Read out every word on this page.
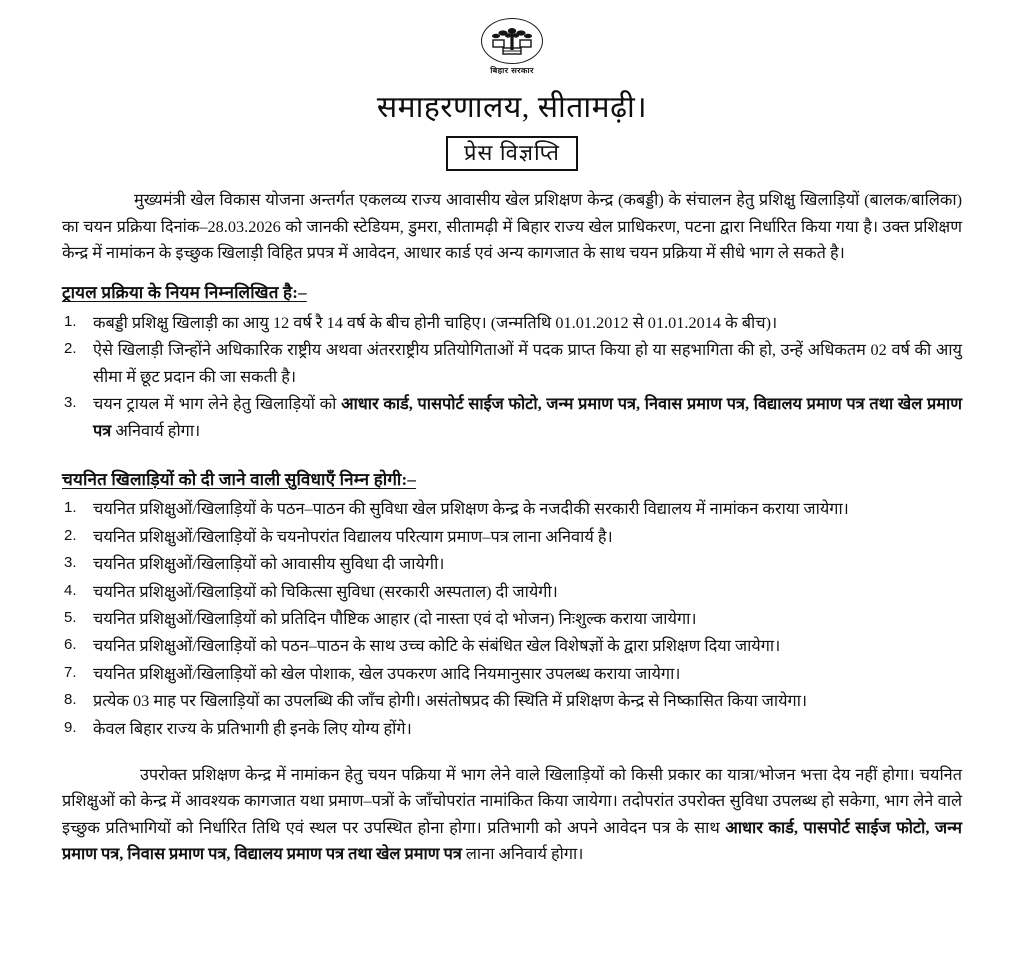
बिहार सरकार
समाहरणालय, सीतामढ़ी।
प्रेस विज्ञप्ति

मुख्यमंत्री खेल विकास योजना अन्तर्गत एकलव्य राज्य आवासीय खेल प्रशिक्षण केन्द्र (कबड्डी) के संचालन हेतु प्रशिक्षु खिलाड़ियों (बालक/बालिका) का चयन प्रक्रिया दिनांक–28.03.2026 को जानकी स्टेडियम, डुमरा, सीतामढ़ी में बिहार राज्य खेल प्राधिकरण, पटना द्वारा निर्धारित किया गया है। उक्त प्रशिक्षण केन्द्र में नामांकन के इच्छुक खिलाड़ी विहित प्रपत्र में आवेदन, आधार कार्ड एवं अन्य कागजात के साथ चयन प्रक्रिया में सीधे भाग ले सकते है।

ट्रायल प्रक्रिया के नियम निम्नलिखित है:–
1.	कबड्डी प्रशिक्षु खिलाड़ी का आयु 12 वर्ष रै 14 वर्ष के बीच होनी चाहिए। (जन्मतिथि 01.01.2012 से 01.01.2014 के बीच)।
2.	ऐसे खिलाड़ी जिन्होंने अधिकारिक राष्ट्रीय अथवा अंतरराष्ट्रीय प्रतियोगिताओं में पदक प्राप्त किया हो या सहभागिता की हो, उन्हें अधिकतम 02 वर्ष की आयु सीमा में छूट प्रदान की जा सकती है।
3.	चयन ट्रायल में भाग लेने हेतु खिलाड़ियों को आधार कार्ड, पासपोर्ट साईज फोटो, जन्म प्रमाण पत्र, निवास प्रमाण पत्र, विद्यालय प्रमाण पत्र तथा खेल प्रमाण पत्र अनिवार्य होगा।
चयनित खिलाड़ियों को दी जाने वाली सुविधाएँ निम्न होगी:–
1.	चयनित प्रशिक्षुओं/खिलाड़ियों के पठन–पाठन की सुविधा खेल प्रशिक्षण केन्द्र के नजदीकी सरकारी विद्यालय में नामांकन कराया जायेगा।
2.	चयनित प्रशिक्षुओं/खिलाड़ियों के चयनोपरांत विद्यालय परित्याग प्रमाण–पत्र लाना अनिवार्य है।
3.	चयनित प्रशिक्षुओं/खिलाड़ियों को आवासीय सुविधा दी जायेगी।
4.	चयनित प्रशिक्षुओं/खिलाड़ियों को चिकित्सा सुविधा (सरकारी अस्पताल) दी जायेगी।
5.	चयनित प्रशिक्षुओं/खिलाड़ियों को प्रतिदिन पौष्टिक आहार (दो नास्ता एवं दो भोजन) निःशुल्क कराया जायेगा।
6.	चयनित प्रशिक्षुओं/खिलाड़ियों को पठन–पाठन के साथ उच्च कोटि के संबंधित खेल विशेषज्ञों के द्वारा प्रशिक्षण दिया जायेगा।
7.	चयनित प्रशिक्षुओं/खिलाड़ियों को खेल पोशाक, खेल उपकरण आदि नियमानुसार उपलब्ध कराया जायेगा।
8.	प्रत्येक 03 माह पर खिलाड़ियों का उपलब्धि की जाँच होगी। असंतोषप्रद की स्थिति में प्रशिक्षण केन्द्र से निष्कासित किया जायेगा।
9.	केवल बिहार राज्य के प्रतिभागी ही इनके लिए योग्य होंगे।

उपरोक्त प्रशिक्षण केन्द्र में नामांकन हेतु चयन पक्रिया में भाग लेने वाले खिलाड़ियों को किसी प्रकार का यात्रा/भोजन भत्ता देय नहीं होगा। चयनित प्रशिक्षुओं को केन्द्र में आवश्यक कागजात यथा प्रमाण–पत्रों के जाँचोपरांत नामांकित किया जायेगा। तदोपरांत उपरोक्त सुविधा उपलब्ध हो सकेगा, भाग लेने वाले इच्छुक प्रतिभागियों को निर्धारित तिथि एवं स्थल पर उपस्थित होना होगा। प्रतिभागी को अपने आवेदन पत्र के साथ आधार कार्ड, पासपोर्ट साईज फोटो, जन्म प्रमाण पत्र, निवास प्रमाण पत्र, विद्यालय प्रमाण पत्र तथा खेल प्रमाण पत्र लाना अनिवार्य होगा।
